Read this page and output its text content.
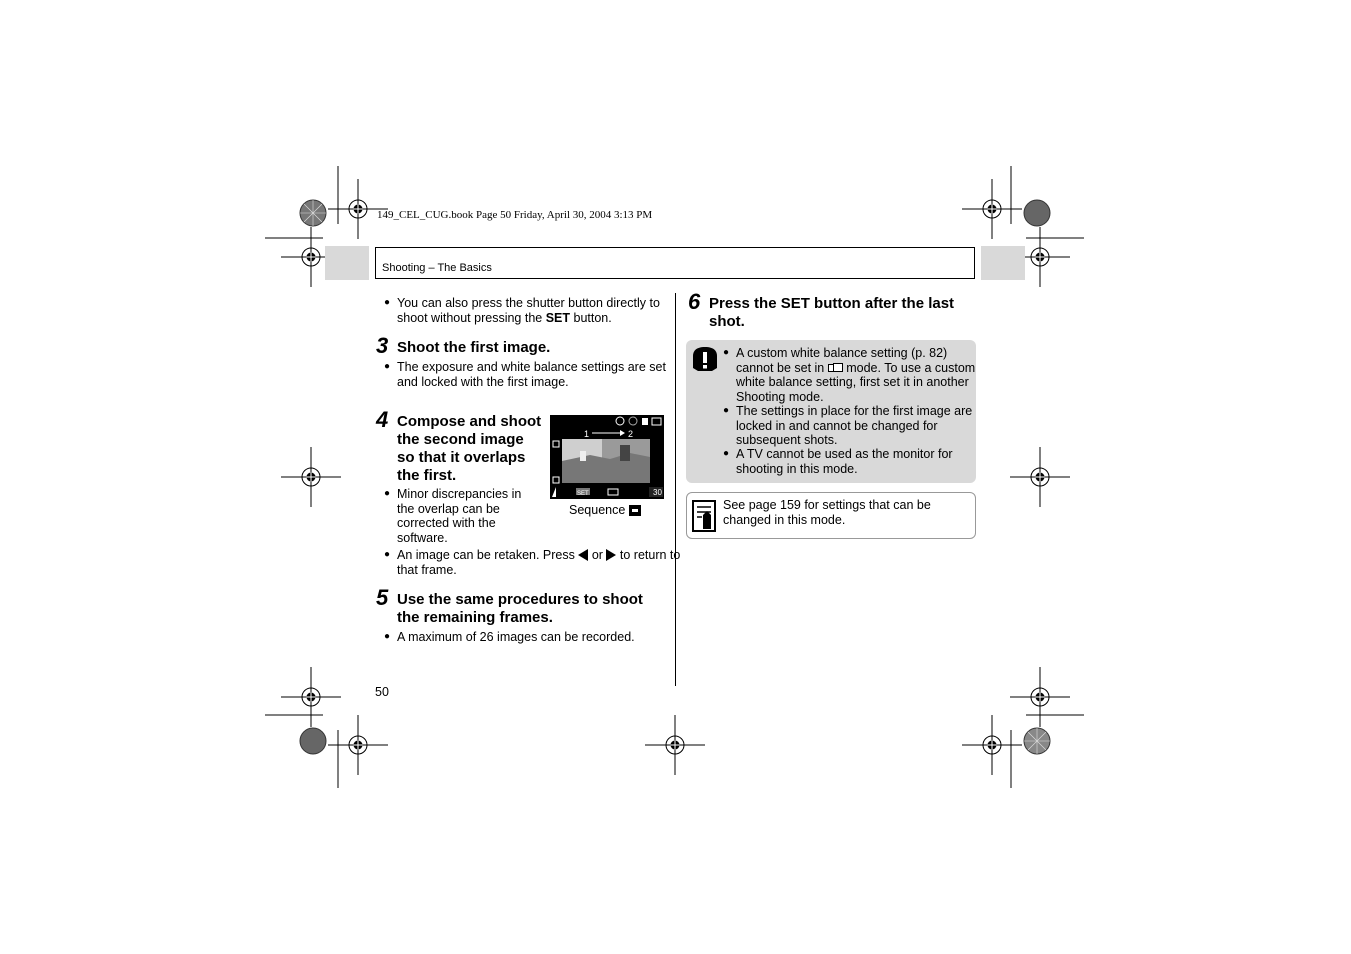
149_CEL_CUG.book Page 50 Friday, April 30, 2004 3:13 PM
Shooting – The Basics
● You can also press the shutter button directly to shoot without pressing the SET button.
3 Shoot the first image.
● The exposure and white balance settings are set and locked with the first image.
4 Compose and shoot the second image so that it overlaps the first.
● Minor discrepancies in the overlap can be corrected with the software.
1	2
SET	30
Sequence
● An image can be retaken. Press  or  to return to that frame.
5 Use the same procedures to shoot the remaining frames.
● A maximum of 26 images can be recorded.
50
6 Press the SET button after the last shot.
● A custom white balance setting (p. 82) cannot be set in
mode. To use a custom white balance setting, first set it in another Shooting mode.
● The settings in place for the first image are locked in and cannot be changed for subsequent shots.
● A TV cannot be used as the monitor for shooting in this mode.
See page 159 for settings that can be changed in this mode.
